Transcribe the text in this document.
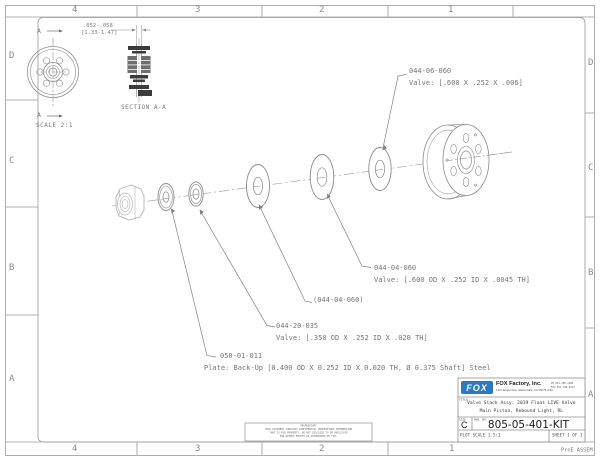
4	3	2	1
4	3	2	1
D
C
B
A
D
C
B
A
A
A
SCALE 2:1
SECTION A-A
.052-.058
[1.33-1.47]
044-06-060
Valve: [.600 X .252 X .006]
044-04-060
Valve: [.600 OD X .252 ID X .0045 TH]
(044-04-060)
044-20-035
Valve: [.350 OD X .252 ID X .020 TH]
050-01-011
Plate: Back-Up [0.400 OD X 0.252 ID X 0.020 TH, Ø 0.375 Shaft] Steel
FOX	FOX Factory, Inc.
130 Hangar Way, Watsonville, CA 95076 USA
PH 831-768-1100
FAX 831-768-9312
TITLE
Valve Stack Assy: 2019 Float LIVE Valve
Main Piston, Rebound Light, RL
SIZE
C
DWG. NO. 805-05-401-KIT
PLOT SCALE 1.5:1	SHEET 1 OF 1
ProE ASSEM
PROPRIETARY
THIS DOCUMENT CONTAINS CONFIDENTIAL PROPRIETARY INFORMATION
THAT IS FOX PROPERTY. DO NOT DISCLOSE TO OR DUPLICATE
FOR OTHERS EXCEPT AS AUTHORIZED BY FOX.
